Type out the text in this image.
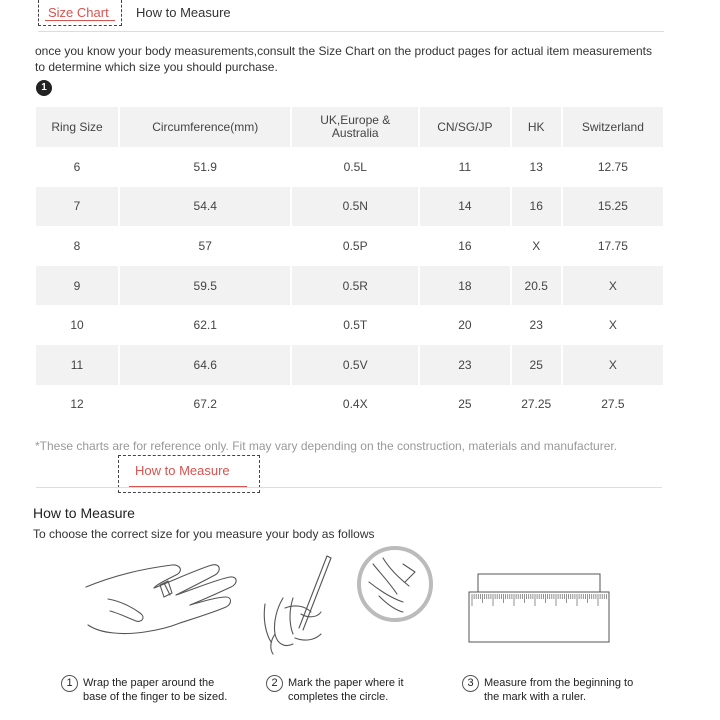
Size Chart How to Measure

once you know your body measurements,consult the Size Chart on the product pages for actual item measurements to determine which size you should purchase.

1
Ring Size	Circumference(mm)	UK,Europe & Australia	CN/SG/JP	HK	Switzerland
6	51.9	0.5L	11	13	12.75
7	54.4	0.5N	14	16	15.25
8	57	0.5P	16	X	17.75
9	59.5	0.5R	18	20.5	X
10	62.1	0.5T	20	23	X
11	64.6	0.5V	23	25	X
12	67.2	0.4X	25	27.25	27.5
*These charts are for reference only. Fit may vary depending on the construction, materials and manufacturer.
How to Measure
How to Measure
To choose the correct size for you measure your body as follows
1 Wrap the paper around the
base of the finger to be sized.
2 Mark the paper where it
completes the circle.
3 Measure from the beginning to
the mark with a ruler.
